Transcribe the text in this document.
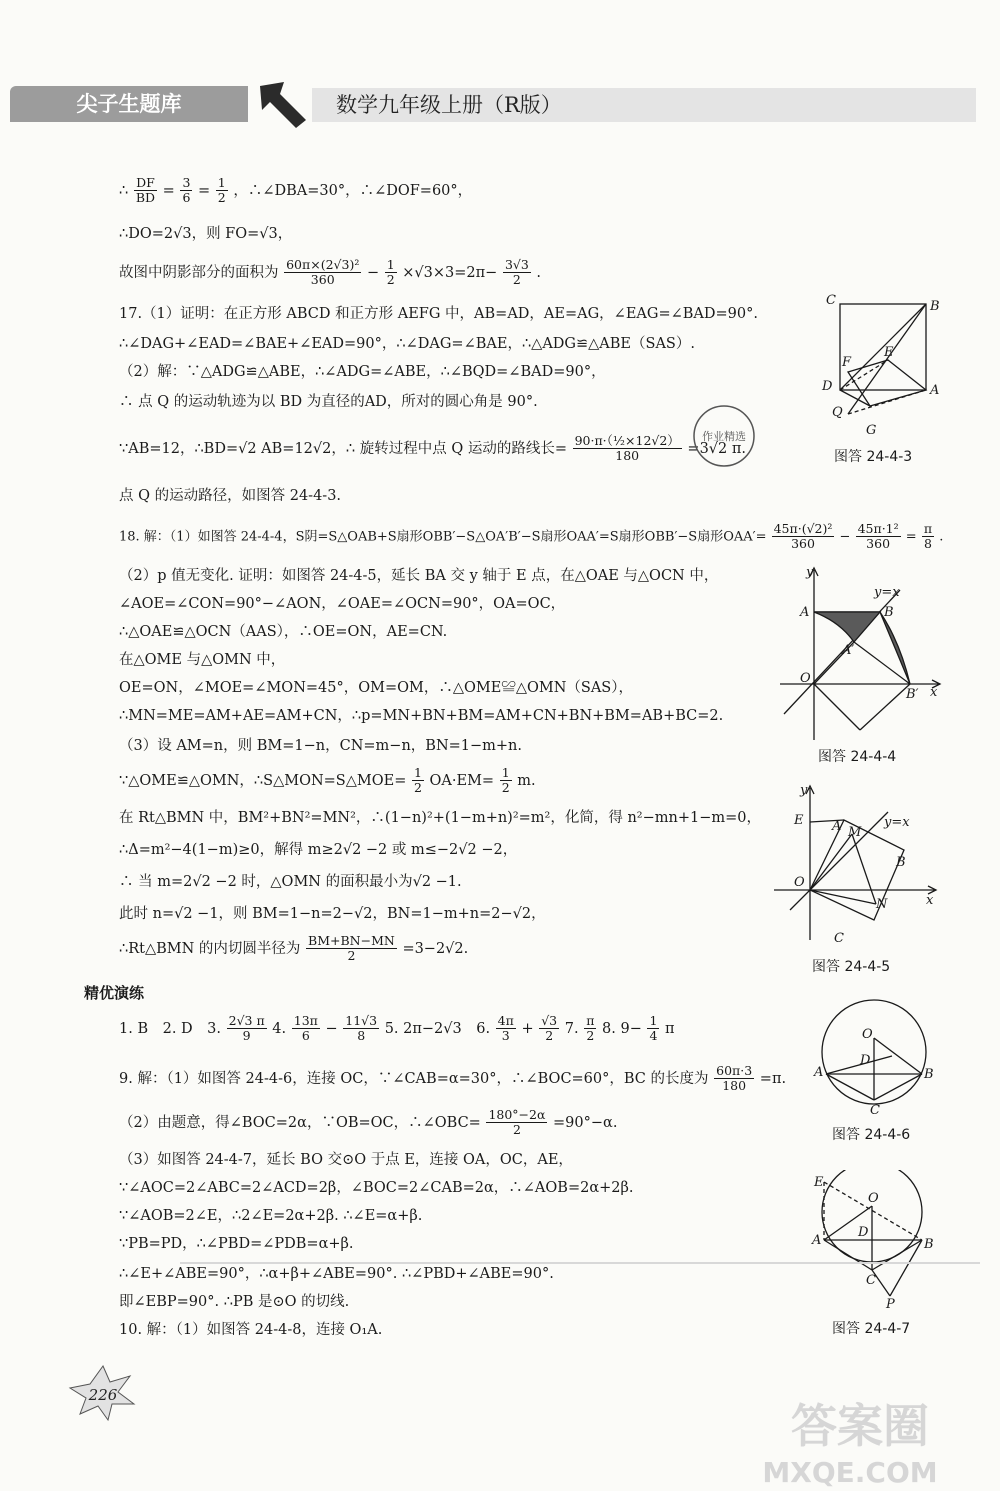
尖子生题库	数学九年级上册（R版）
∴ $\frac{DF}{BD} = \frac{3}{6} = \frac{1}{2}$ ，∴∠DBA=30°，∴∠DOF=60°，
∴DO=2√3，则 FO=√3，
故图中阴影部分的面积为 $\frac{\text{60π×(2√3)²}}{360} - \frac{1}{2} \times√3\times 3=2\pi- \frac{3√3}{2}$ .
17.（1）证明：在正方形 ABCD 和正方形 AEFG 中，AB=AD，AE=AG，∠EAG=∠BAD=90°.
∴∠DAG+∠EAD=∠BAE+∠EAD=90°，∴∠DAG=∠BAE，∴△ADG≌△ABE（SAS）.
（2）解：∵△ADG≌△ABE，∴∠ADG=∠ABE，∴∠BQD=∠BAD=90°，
∴ 点 Q 的运动轨迹为以 BD 为直径的AD，所对的圆心角是 90°.
∵AB=12，∴BD=√2 AB=12√2，∴ 旋转过程中点 Q 运动的路线长= $\frac{\text{90·π·（½×12√2）}}{180} =3√2$ π.
点 Q 的运动路径，如图答 24-4-3.
18. 解：（1）如图答 24-4-4，S阴=S△OAB+S扇形OBB′−S△OA′B′−S扇形OAA′=S扇形OBB′−S扇形$OAA'= \frac{\text{45π·(√2)²}}{360} - \frac{\text{45π·1²}}{360} = \frac{\pi}{8}$ .
（2）p 值无变化. 证明：如图答 24-4-5，延长 BA 交 y 轴于 E 点，在△OAE 与△OCN 中，
∠AOE=∠CON=90°−∠AON，∠OAE=∠OCN=90°，OA=OC，
∴△OAE≌△OCN（AAS），∴OE=ON，AE=CN.
在△OME 与△OMN 中，
OE=ON，∠MOE=∠MON=45°，OM=OM，∴△OME≌△OMN（SAS），
∴MN=ME=AM+AE=AM+CN，∴p=MN+BN+BM=AM+CN+BN+BM=AB+BC=2.
（3）设 AM=n，则 BM=1−n，CN=m−n，BN=1−m+n.
∵△OME≌△OMN，∴S△MON=S△MOE= $\frac{1}{2} OA\cdot EM= \frac{1}{2} m$.
在 Rt△BMN 中，BM²+BN²=MN²，∴(1−n)²+(1−m+n)²=m²，化简，得 n²−mn+1−m=0，
∴Δ=m²−4(1−m)≥0，解得 m≥2√2 −2 或 m≤−2√2 −2，
∴ 当 m=2√2 −2 时，△OMN 的面积最小为√2 −1.
此时 n=√2 −1，则 BM=1−n=2−√2，BN=1−m+n=2−√2，
∴Rt△BMN 的内切圆半径为 $\frac{BM+BN-MN}{2} =3-2√2$.
精优演练
1. B　2. D　3. $\frac{2√3 \pi}{9} 4$. $\frac{13\pi}{6} - \frac{11√3}{8} 5$. 2π−2√3　6. $\frac{4\pi}{3} + \frac{√3}{2} 7$. $\frac{\pi}{2} 8$. $9- \frac{1}{4}$ π
9. 解：（1）如图答 24-4-6，连接 OC，∵∠CAB=α=30°，∴∠BOC=60°，BC 的长度为 $\frac{60\pi\cdot 3}{180} =\pi$.
（2）由题意，得∠BOC=2α，∵OB=OC，∴∠OBC= $\frac{180^\circ-2\alpha}{2} =90^\circ-\alpha$.
（3）如图答 24-4-7，延长 BO 交⊙O 于点 E，连接 OA，OC，AE，
∵∠AOC=2∠ABC=2∠ACD=2β，∠BOC=2∠CAB=2α，∴∠AOB=2α+2β.
∵∠AOB=2∠E，∴2∠E=2α+2β. ∴∠E=α+β.
∵PB=PD，∴∠PBD=∠PDB=α+β.
∴∠E+∠ABE=90°，∴α+β+∠ABE=90°. ∴∠PBD+∠ABE=90°.
即∠EBP=90°. ∴PB 是⊙O 的切线.
10. 解：（1）如图答 24-4-8，连接 O₁A.
C	B
E
F
D	A
Q
G
图答 24-4-3
y
y=x
A	B
A′
O
B′ x
图答 24-4-4
y
E A M
y=x
B
O
N
C
x
图答 24-4-5
O
D
A	B
C
图答 24-4-6
E
O
A
D
B
C
P
图答 24-4-7
作业精选
226
答案圈
MXQE.COM
